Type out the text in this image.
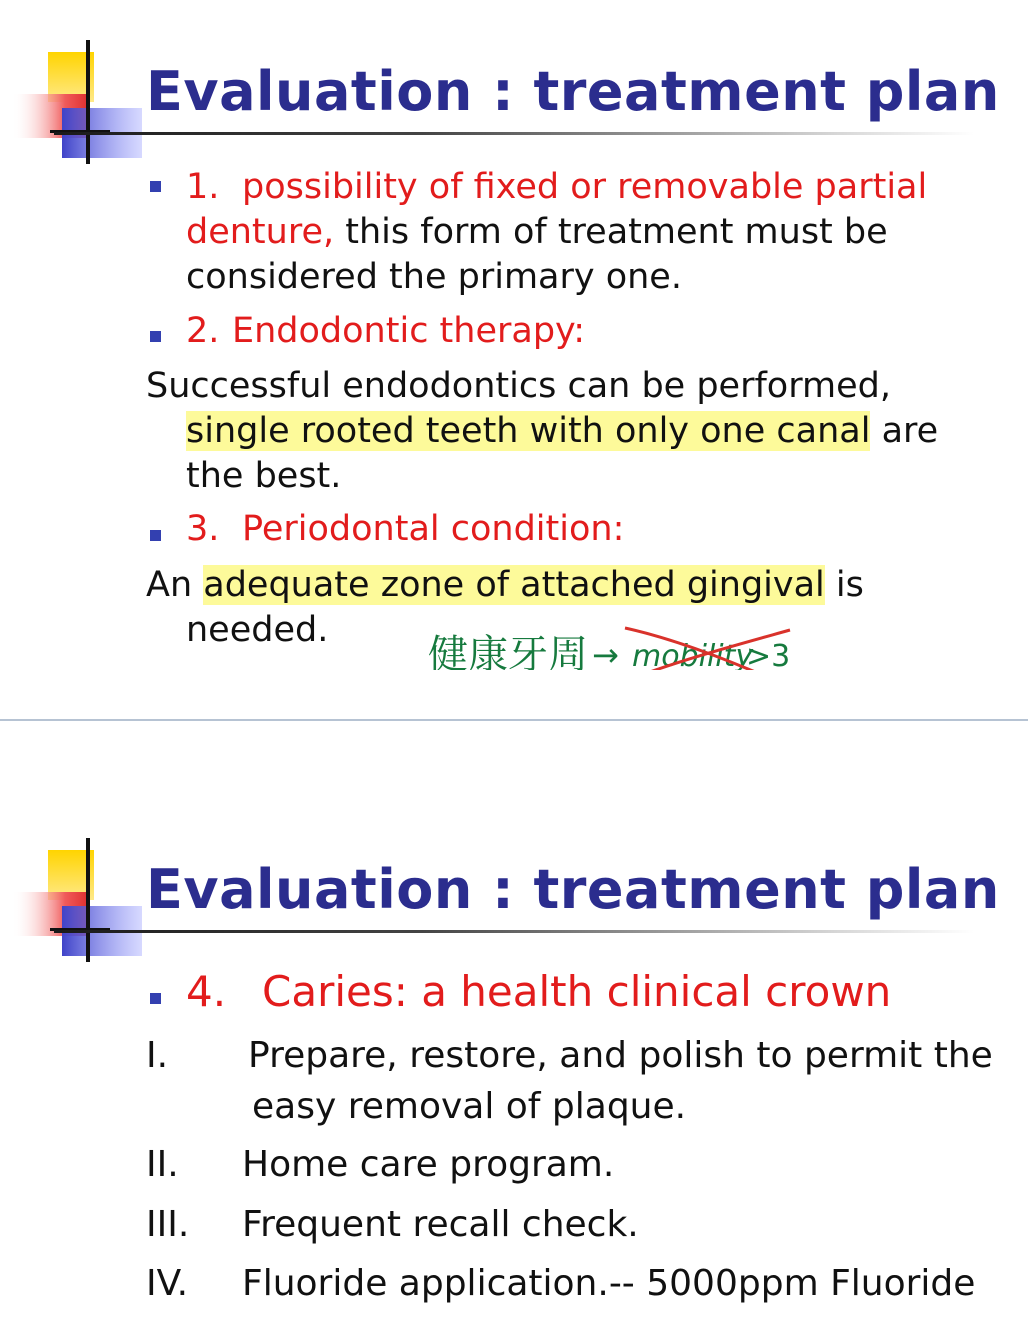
Evaluation : treatment plan
1. possibility of fixed or removable partial
denture, this form of treatment must be
considered the primary one.
2. Endodontic therapy:
Successful endodontics can be performed,
single rooted teeth with only one canal are
the best.
3. Periodontal condition:
An adequate zone of attached gingival is
needed.
健康牙周 → mobility
>3
Evaluation : treatment plan
4. Caries: a health clinical crown
I. Prepare, restore, and polish to permit the
easy removal of plaque.
II. Home care program.
III. Frequent recall check.
IV. Fluoride application.-- 5000ppm Fluoride
